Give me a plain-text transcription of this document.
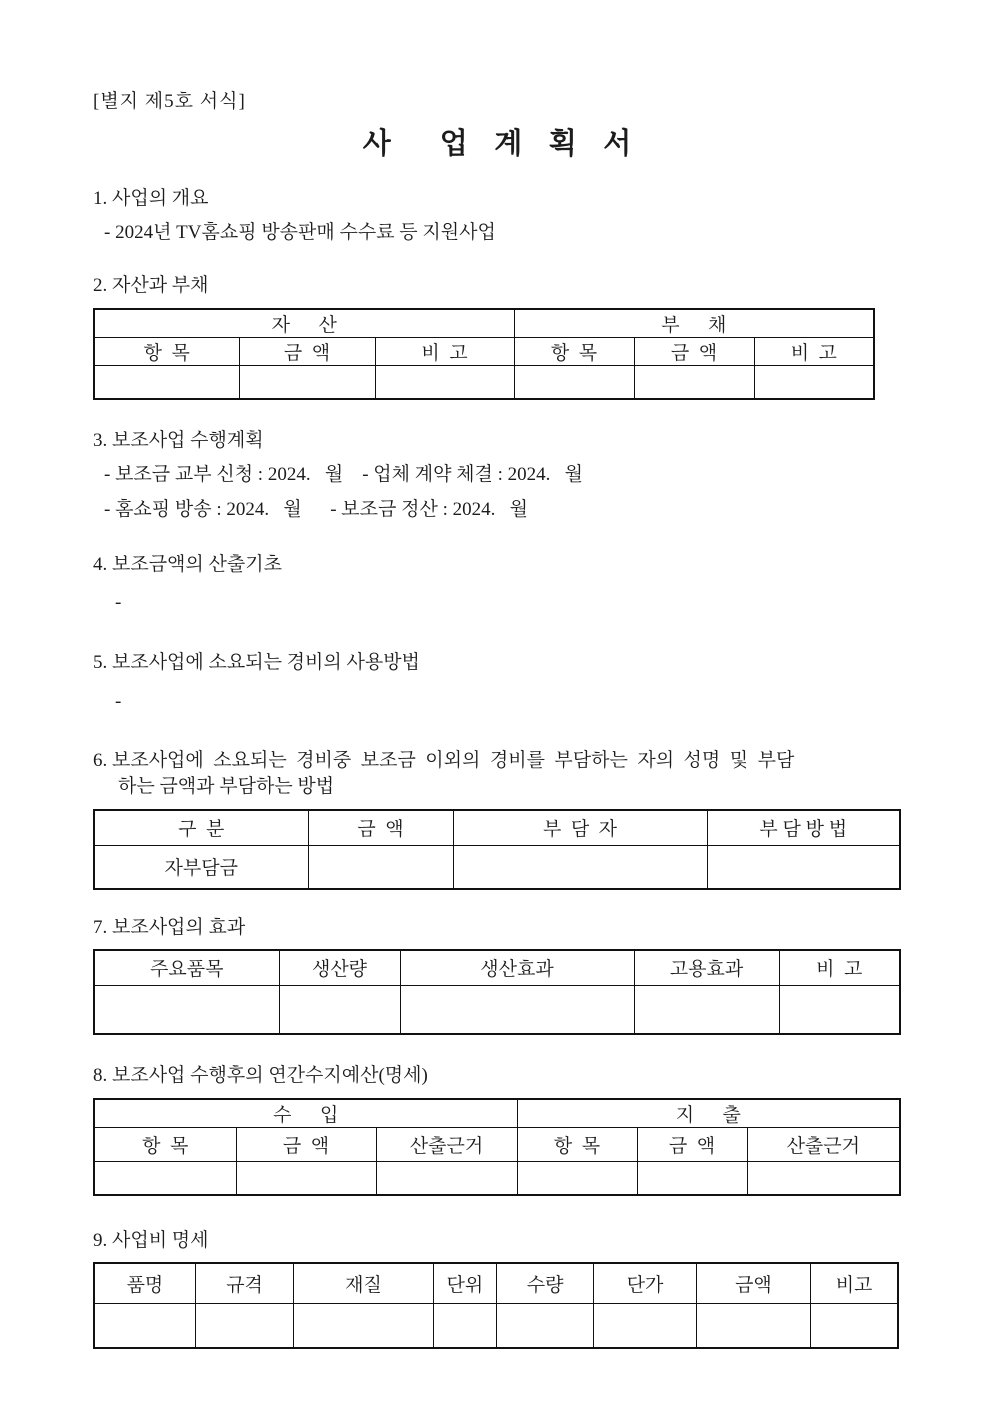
[별지 제5호 서식]
사    업  계  획  서
1. 사업의 개요
- 2024년 TV홈쇼핑 방송판매 수수료 등 지원사업
2. 자산과 부채
자      산			부      채		
항  목	금  액	비  고	항  목	금  액	비  고

3. 보조사업 수행계획
- 보조금 교부 신청 : 2024.   월    - 업체 계약 체결 : 2024.   월
- 홈쇼핑 방송 : 2024.   월      - 보조금 정산 : 2024.   월
4. 보조금액의 산출기초
-
5. 보조사업에 소요되는 경비의 사용방법
-
6. 보조사업에  소요되는  경비중  보조금  이외의  경비를  부담하는  자의  성명  및  부담
하는 금액과 부담하는 방법
구  분	금  액	부  담  자	부 담 방 법
자부담금			
7. 보조사업의 효과
주요품목	생산량	생산효과	고용효과	비  고

8. 보조사업 수행후의 연간수지예산(명세)
수      입			지      출		
항  목	금  액	산출근거	항  목	금  액	산출근거

9. 사업비 명세
품명	규격	재질	단위	수량	단가	금액	비고
